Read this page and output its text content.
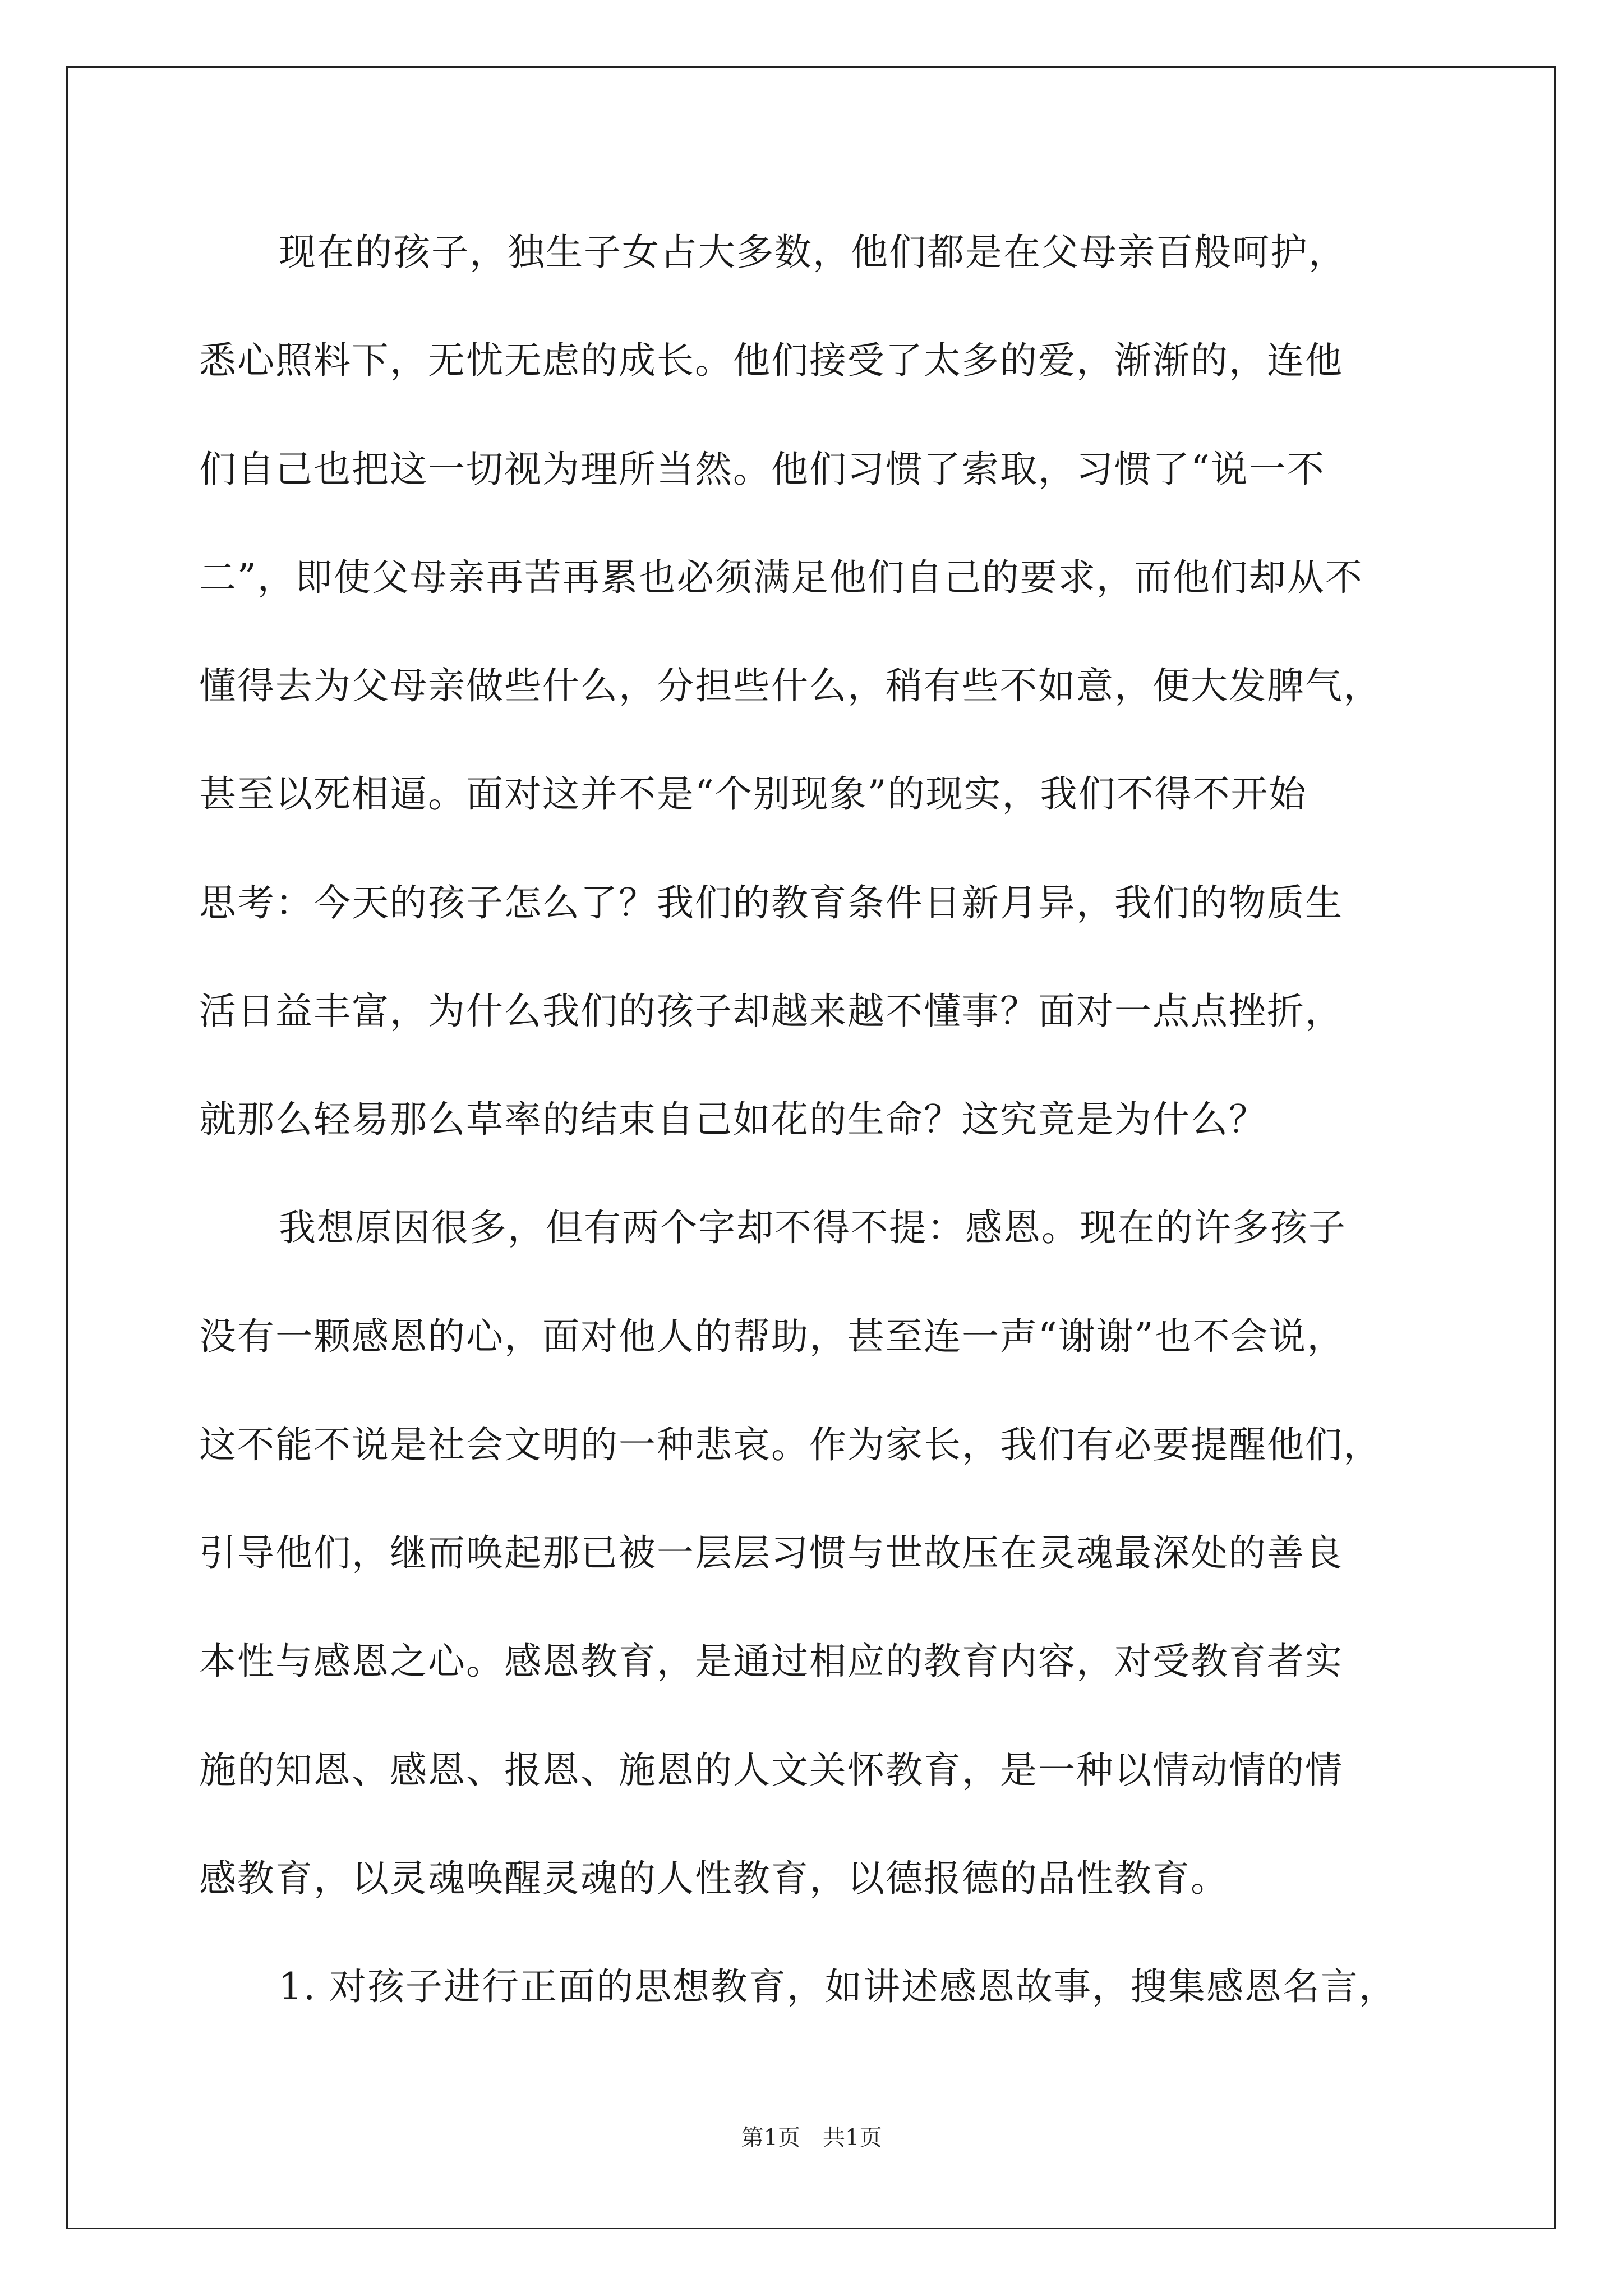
现在的孩子，独生子女占大多数，他们都是在父母亲百般呵护，
悉心照料下，无忧无虑的成长。他们接受了太多的爱，渐渐的，连他
们自己也把这一切视为理所当然。他们习惯了索取，习惯了“说一不
二”，即使父母亲再苦再累也必须满足他们自己的要求，而他们却从不
懂得去为父母亲做些什么，分担些什么，稍有些不如意，便大发脾气，
甚至以死相逼。面对这并不是“个别现象”的现实，我们不得不开始
思考：今天的孩子怎么了？我们的教育条件日新月异，我们的物质生
活日益丰富，为什么我们的孩子却越来越不懂事？面对一点点挫折，
就那么轻易那么草率的结束自己如花的生命？这究竟是为什么？
我想原因很多，但有两个字却不得不提：感恩。现在的许多孩子
没有一颗感恩的心，面对他人的帮助，甚至连一声“谢谢”也不会说，
这不能不说是社会文明的一种悲哀。作为家长，我们有必要提醒他们，
引导他们，继而唤起那已被一层层习惯与世故压在灵魂最深处的善良
本性与感恩之心。感恩教育，是通过相应的教育内容，对受教育者实
施的知恩、感恩、报恩、施恩的人文关怀教育，是一种以情动情的情
感教育，以灵魂唤醒灵魂的人性教育，以德报德的品性教育。
1. 对孩子进行正面的思想教育，如讲述感恩故事，搜集感恩名言，
第1页　共1页
